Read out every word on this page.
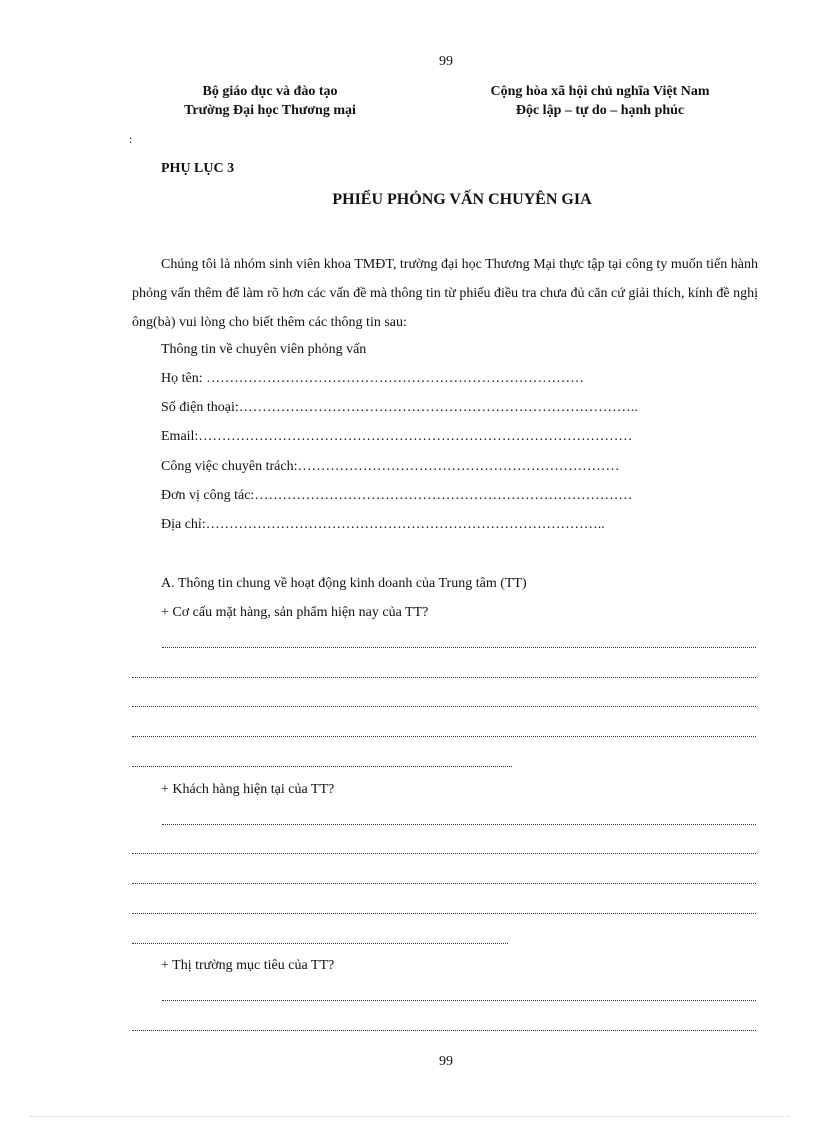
99
Bộ giáo dục và đào tạo
Trường Đại học Thương mại
Cộng hòa xã hội chủ nghĩa Việt Nam
Độc lập – tự do – hạnh phúc
:
PHỤ LỤC 3
PHIẾU PHỎNG VẤN CHUYÊN GIA

Chúng tôi là nhóm sinh viên khoa TMĐT, trường đại học Thương Mại thực tập tại công ty muốn tiến hành phỏng vấn thêm để làm rõ hơn các vấn đề mà thông tin từ phiếu điều tra chưa đủ căn cứ giải thích, kính đề nghị ông(bà) vui lòng cho biết thêm các thông tin sau:

Thông tin về chuyên viên phỏng vấn
Họ tên: ………………………………………………………………………
Số điện thoại:…………………………………………………………………………..
Email:…………………………………………………………………………………
Công việc chuyên trách:……………………………………………………………
Đơn vị công tác:………………………………………………………………………
Địa chỉ:…………………………………………………………………………..
A. Thông tin chung về hoạt động kinh doanh của Trung tâm (TT)
+ Cơ cấu mặt hàng, sản phẩm hiện nay của TT?
+ Khách hàng hiện tại của TT?
+ Thị trường mục tiêu của TT?
99
